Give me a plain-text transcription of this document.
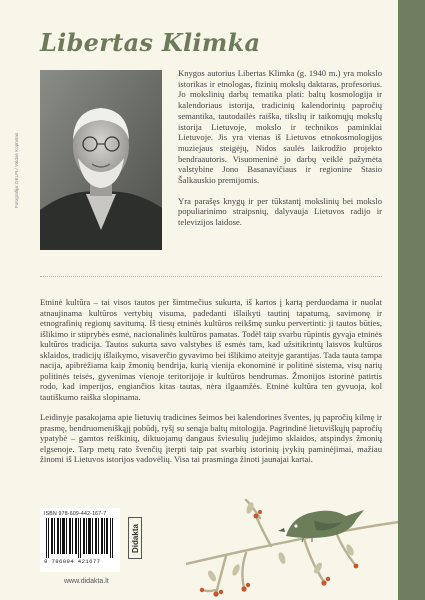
Libertas Klimka
Fotografija: DELFI / Valdas Kopūstas

Knygos autorius Libertas Klimka (g. 1940 m.) yra mokslo istorikas ir etnologas, fizinių mokslų daktaras, profesorius. Jo mokslinių darbų tematika plati: baltų kosmologija ir kalendoriaus istorija, tradicinių kalendorinių papročių semantika, tautodailės raiška, tikslių ir taikomųjų mokslų istorija Lietuvoje, mokslo ir technikos paminklai Lietuvoje. Jis yra vienas iš Lietuvos etnokosmologijos muziejaus steigėjų, Nidos saulės laikrodžio projekto bendraautoris. Visuomeninė jo darbų veiklė pažymėta valstybine Jono Basanavičiaus ir regionine Stasio Šalkauskio premijomis.

Yra parašęs knygų ir per tūkstantį mokslinių bei mokslo populiarinimo straipsnių, dalyvauja Lietuvos radijo ir televizijos laidose.

Etninė kultūra – tai visos tautos per šimtmečius sukurta, iš kartos į kartą perduodama ir nuolat atnaujinama kultūros vertybių visuma, padedanti išlaikyti tautinį tapatumą, savimonę ir etnografinių regionų savitumą. Iš tiesų etninės kultūros reikšmę sunku pervertinti: ji tautos būties, išlikimo ir stiprybės esmė, nacionalinės kultūros pamatas. Todėl taip svarbu rūpintis gyvąja etninės kultūros tradicija. Tautos sukurta savo valstybes iš esmės tam, kad užsitikrintų laisvos kultūros sklaidos, tradicijų išlaikymo, visaverčio gyvavimo bei išlikimo ateityje garantijas. Tada tauta tampa nacija, apibrėžiama kaip žmonių bendrija, kurią vienija ekonominė ir politinė sistema, visų narių politinės teisės, gyvenimas vienoje teritorijoje ir kultūros bendrumas. Žmonijos istorinė patirtis rodo, kad imperijos, engiančios kitas tautas, nėra ilgaamžės. Etninė kultūra ten gyvuoja, kol tautiškumo raiška slopinama.

Leidinyje pasakojama apie lietuvių tradicines šeimos bei kalendorines šventes, jų papročių kilmę ir prasmę, bendruomeniškąjį pobūdį, ryšį su senąja baltų mitologija. Pagrindinė lietuviškųjų papročių ypatybė – gamtos reiškinių, diktuojamų dangaus šviesulių judėjimo sklaidos, atspindys žmonių elgsenoje. Tarp metų rato švenčių įterpti taip pat svarbių istorinių įvykių paminėjimai, mažiau žinomi iš Lietuvos istorijos vadovėlių. Visa tai prasminga žinoti jaunajai kartai.

ISBN 978-609-442-167-7
9 786094 421677
Didakta
www.didakta.lt
